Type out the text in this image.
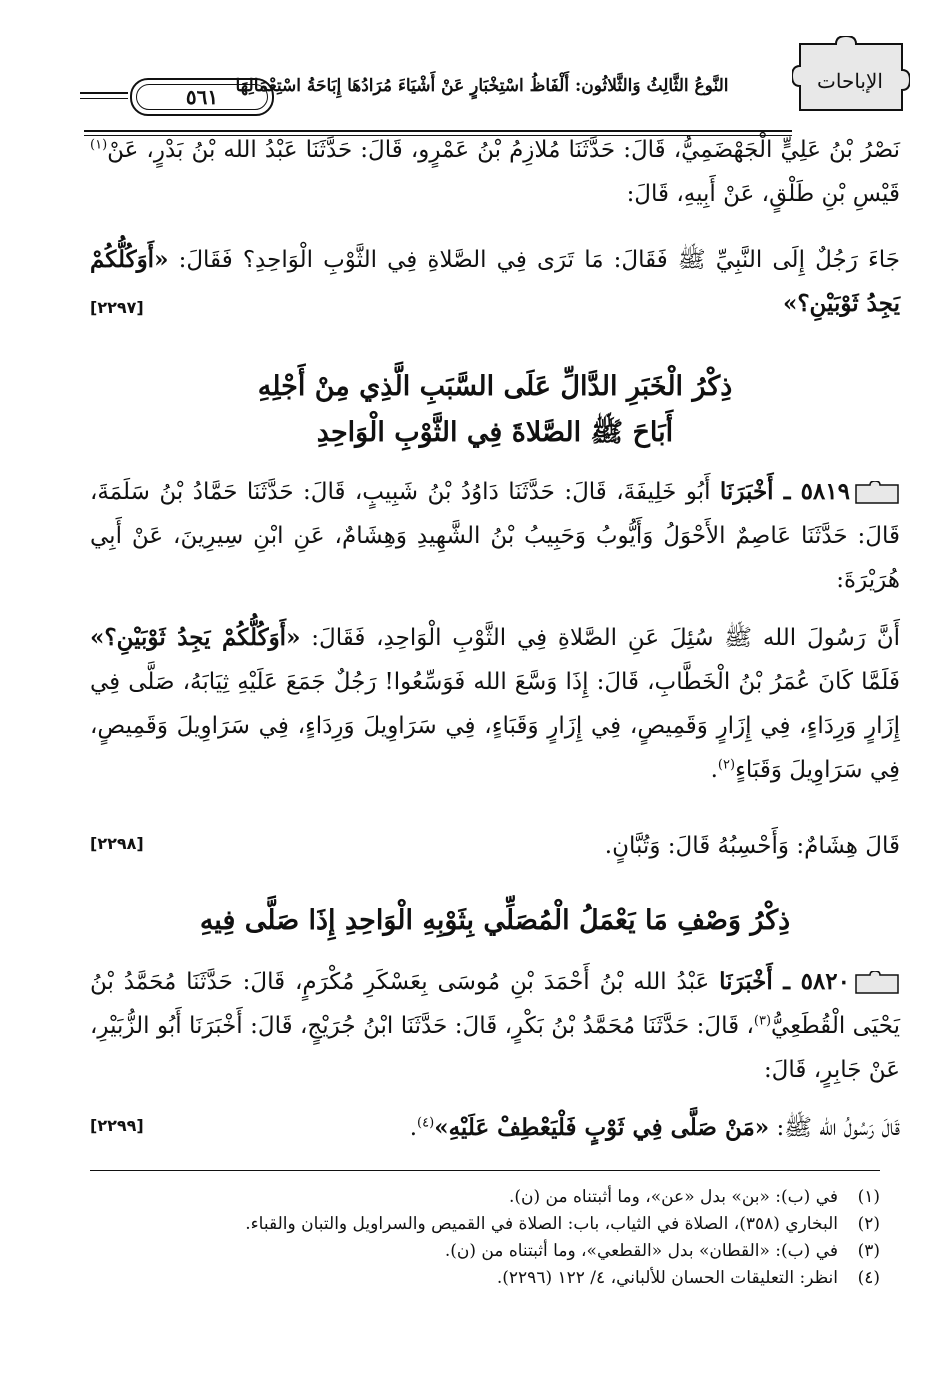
٥٦١	النَّوعُ الثَّالِثُ وَالثَّلاثُون: أَلْفَاظُ اسْتِخْبَارٍ عَنْ أَشْيَاءَ مُرَادُهَا إِبَاحَةُ اسْتِعْمَالِهَا	الإباحات
نَصْرُ بْنُ عَلِيٍّ الْجَهْضَمِيُّ، قَالَ: حَدَّثَنَا مُلازِمُ بْنُ عَمْرٍو، قَالَ: حَدَّثَنَا عَبْدُ الله بْنُ بَدْرٍ، عَنْ$^{(١)}$ قَيْسِ بْنِ طَلْقٍ، عَنْ أَبِيهِ، قَالَ:
جَاءَ رَجُلٌ إِلَى النَّبِيِّ ﷺ فَقَالَ: مَا تَرَى فِي الصَّلاةِ فِي الثَّوْبِ الْوَاحِدِ؟ فَقَالَ: «أَوَكُلُّكُمْ يَجِدُ ثَوْبَيْنِ؟»
[٢٢٩٧]
ذِكْرُ الْخَبَرِ الدَّالِّ عَلَى السَّبَبِ الَّذِي مِنْ أَجْلِهِ
أَبَاحَ ﷺ الصَّلاةَ فِي الثَّوْبِ الْوَاحِدِ
٥٨١٩ ـ أَخْبَرَنَا أَبُو خَلِيفَةَ، قَالَ: حَدَّثَنَا دَاوُدُ بْنُ شَبِيبٍ، قَالَ: حَدَّثَنَا حَمَّادُ بْنُ سَلَمَةَ، قَالَ: حَدَّثَنَا عَاصِمٌ الأَحْوَلُ وَأَيُّوبُ وَحَبِيبُ بْنُ الشَّهِيدِ وَهِشَامٌ، عَنِ ابْنِ سِيرِينَ، عَنْ أَبِي هُرَيْرَةَ:
أَنَّ رَسُولَ الله ﷺ سُئِلَ عَنِ الصَّلاةِ فِي الثَّوْبِ الْوَاحِدِ، فَقَالَ: «أَوَكُلُّكُمْ يَجِدُ ثَوْبَيْنِ؟» فَلَمَّا كَانَ عُمَرُ بْنُ الْخَطَّابِ، قَالَ: إِذَا وَسَّعَ الله فَوَسِّعُوا! رَجُلٌ جَمَعَ عَلَيْهِ ثِيَابَهُ، صَلَّى فِي إِزَارٍ وَرِدَاءٍ، فِي إِزَارٍ وَقَمِيصٍ، فِي إِزَارٍ وَقَبَاءٍ، فِي سَرَاوِيلَ وَرِدَاءٍ، فِي سَرَاوِيلَ وَقَمِيصٍ، فِي سَرَاوِيلَ وَقَبَاءٍ$^{(٢)}$.
قَالَ هِشَامٌ: وَأَحْسِبُهُ قَالَ: وَتُبَّانٍ.
[٢٢٩٨]
ذِكْرُ وَصْفِ مَا يَعْمَلُ الْمُصَلِّي بِثَوْبِهِ الْوَاحِدِ إِذَا صَلَّى فِيهِ
٥٨٢٠ ـ أَخْبَرَنَا عَبْدُ الله بْنُ أَحْمَدَ بْنِ مُوسَى بِعَسْكَرِ مُكْرَمٍ، قَالَ: حَدَّثَنَا مُحَمَّدُ بْنُ يَحْيَى الْقُطَعِيُّ$^{(٣)}$، قَالَ: حَدَّثَنَا مُحَمَّدُ بْنُ بَكْرٍ، قَالَ: حَدَّثَنَا ابْنُ جُرَيْجٍ، قَالَ: أَخْبَرَنَا أَبُو الزُّبَيْرِ، عَنْ جَابِرٍ، قَالَ:
قَالَ رَسُولُ الله ﷺ: «مَنْ صَلَّى فِي ثَوْبٍ فَلْيَعْطِفْ عَلَيْهِ»$^{(٤)}$.
[٢٢٩٩]
(١)في (ب): «بن» بدل «عن»، وما أثبتناه من (ن).
(٢)البخاري (٣٥٨)، الصلاة في الثياب، باب: الصلاة في القميص والسراويل والتبان والقباء.
(٣)في (ب): «القطان» بدل «القطعي»، وما أثبتناه من (ن).
(٤)انظر: التعليقات الحسان للألباني، ٤/ ١٢٢ (٢٢٩٦).
